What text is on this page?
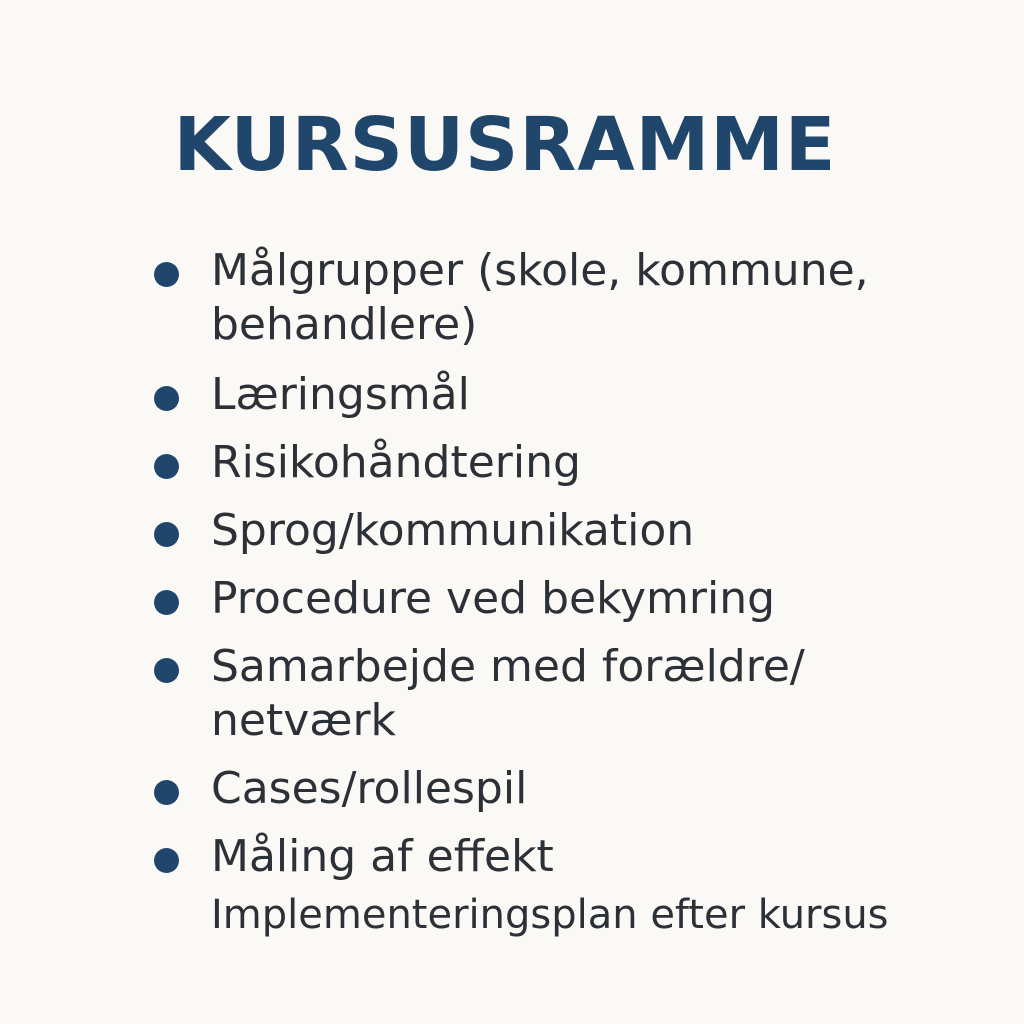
KURSUSRAMME
Målgrupper (skole, kommune,
behandlere)
Læringsmål
Risikohåndtering
Sprog/kommunikation
Procedure ved bekymring
Samarbejde med forældre/
netværk
Cases/rollespil
Måling af effekt
Implementeringsplan efter kursus
